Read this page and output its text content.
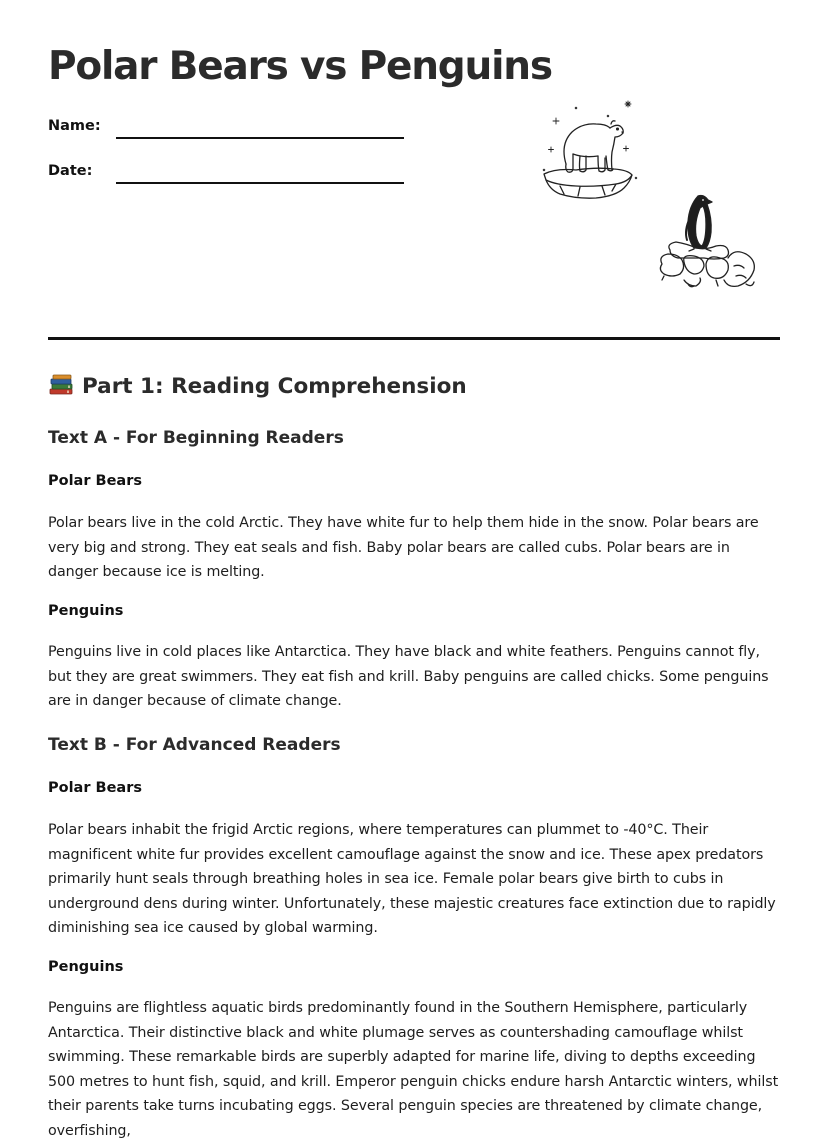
Polar Bears vs Penguins
Name:
Date:
Part 1: Reading Comprehension
Text A - For Beginning Readers
Polar Bears

Polar bears live in the cold Arctic. They have white fur to help them hide in the snow. Polar bears are very big and strong. They eat seals and fish. Baby polar bears are called cubs. Polar bears are in danger because ice is melting.

Penguins

Penguins live in cold places like Antarctica. They have black and white feathers. Penguins cannot fly, but they are great swimmers. They eat fish and krill. Baby penguins are called chicks. Some penguins are in danger because of climate change.

Text B - For Advanced Readers
Polar Bears

Polar bears inhabit the frigid Arctic regions, where temperatures can plummet to -40°C. Their magnificent white fur provides excellent camouflage against the snow and ice. These apex predators primarily hunt seals through breathing holes in sea ice. Female polar bears give birth to cubs in underground dens during winter. Unfortunately, these majestic creatures face extinction due to rapidly diminishing sea ice caused by global warming.

Penguins

Penguins are flightless aquatic birds predominantly found in the Southern Hemisphere, particularly Antarctica. Their distinctive black and white plumage serves as countershading camouflage whilst swimming. These remarkable birds are superbly adapted for marine life, diving to depths exceeding 500 metres to hunt fish, squid, and krill. Emperor penguin chicks endure harsh Antarctic winters, whilst their parents take turns incubating eggs. Several penguin species are threatened by climate change, overfishing,
